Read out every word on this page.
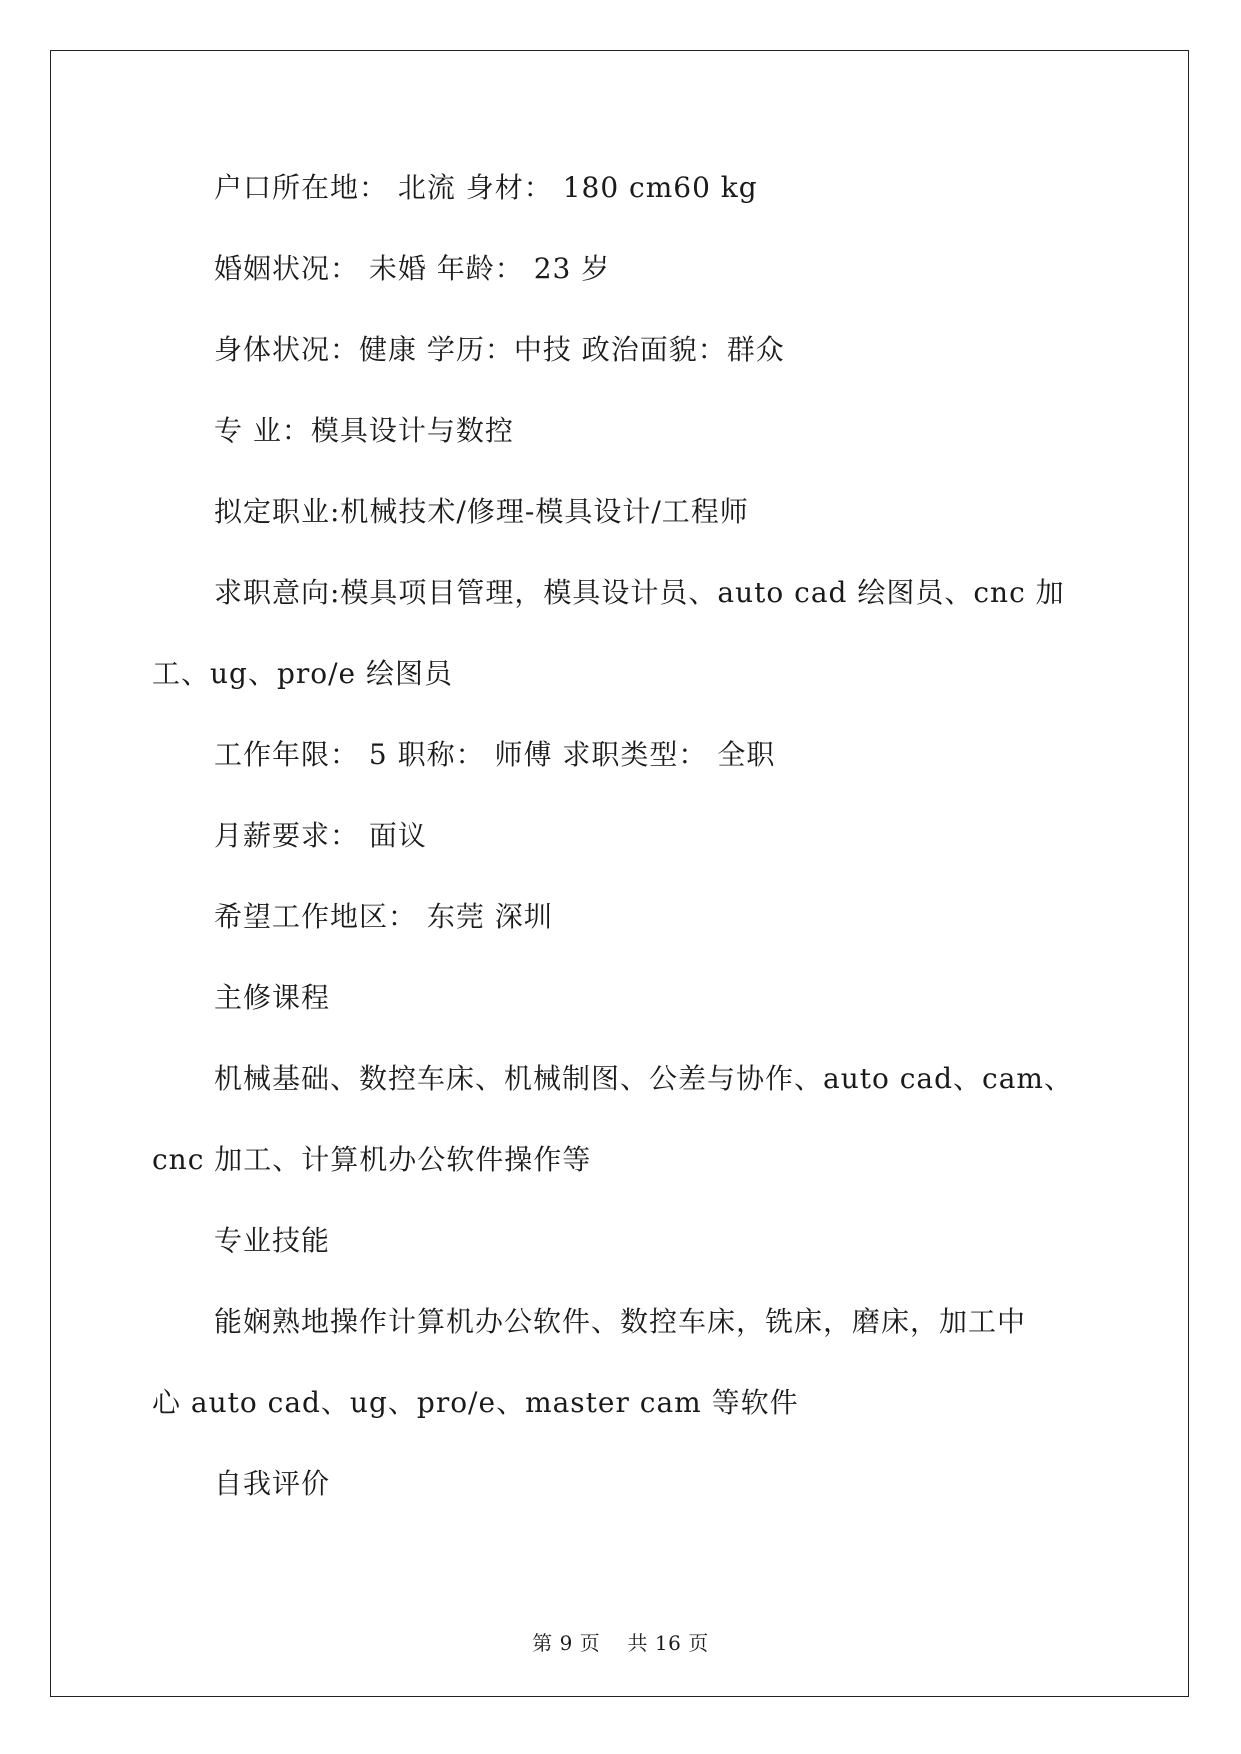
户口所在地： 北流 身材： 180 cm60 kg
婚姻状况： 未婚 年龄： 23 岁
身体状况：健康 学历：中技 政治面貌：群众
专 业：模具设计与数控
拟定职业:机械技术/修理-模具设计/工程师
求职意向:模具项目管理，模具设计员、auto cad 绘图员、cnc 加
工、ug、pro/e 绘图员
工作年限： 5 职称： 师傅 求职类型： 全职
月薪要求： 面议
希望工作地区： 东莞 深圳
主修课程
机械基础、数控车床、机械制图、公差与协作、auto cad、cam、
cnc 加工、计算机办公软件操作等
专业技能
能娴熟地操作计算机办公软件、数控车床，铣床，磨床，加工中
心 auto cad、ug、pro/e、master cam 等软件
自我评价
第 9 页　 共 16 页
